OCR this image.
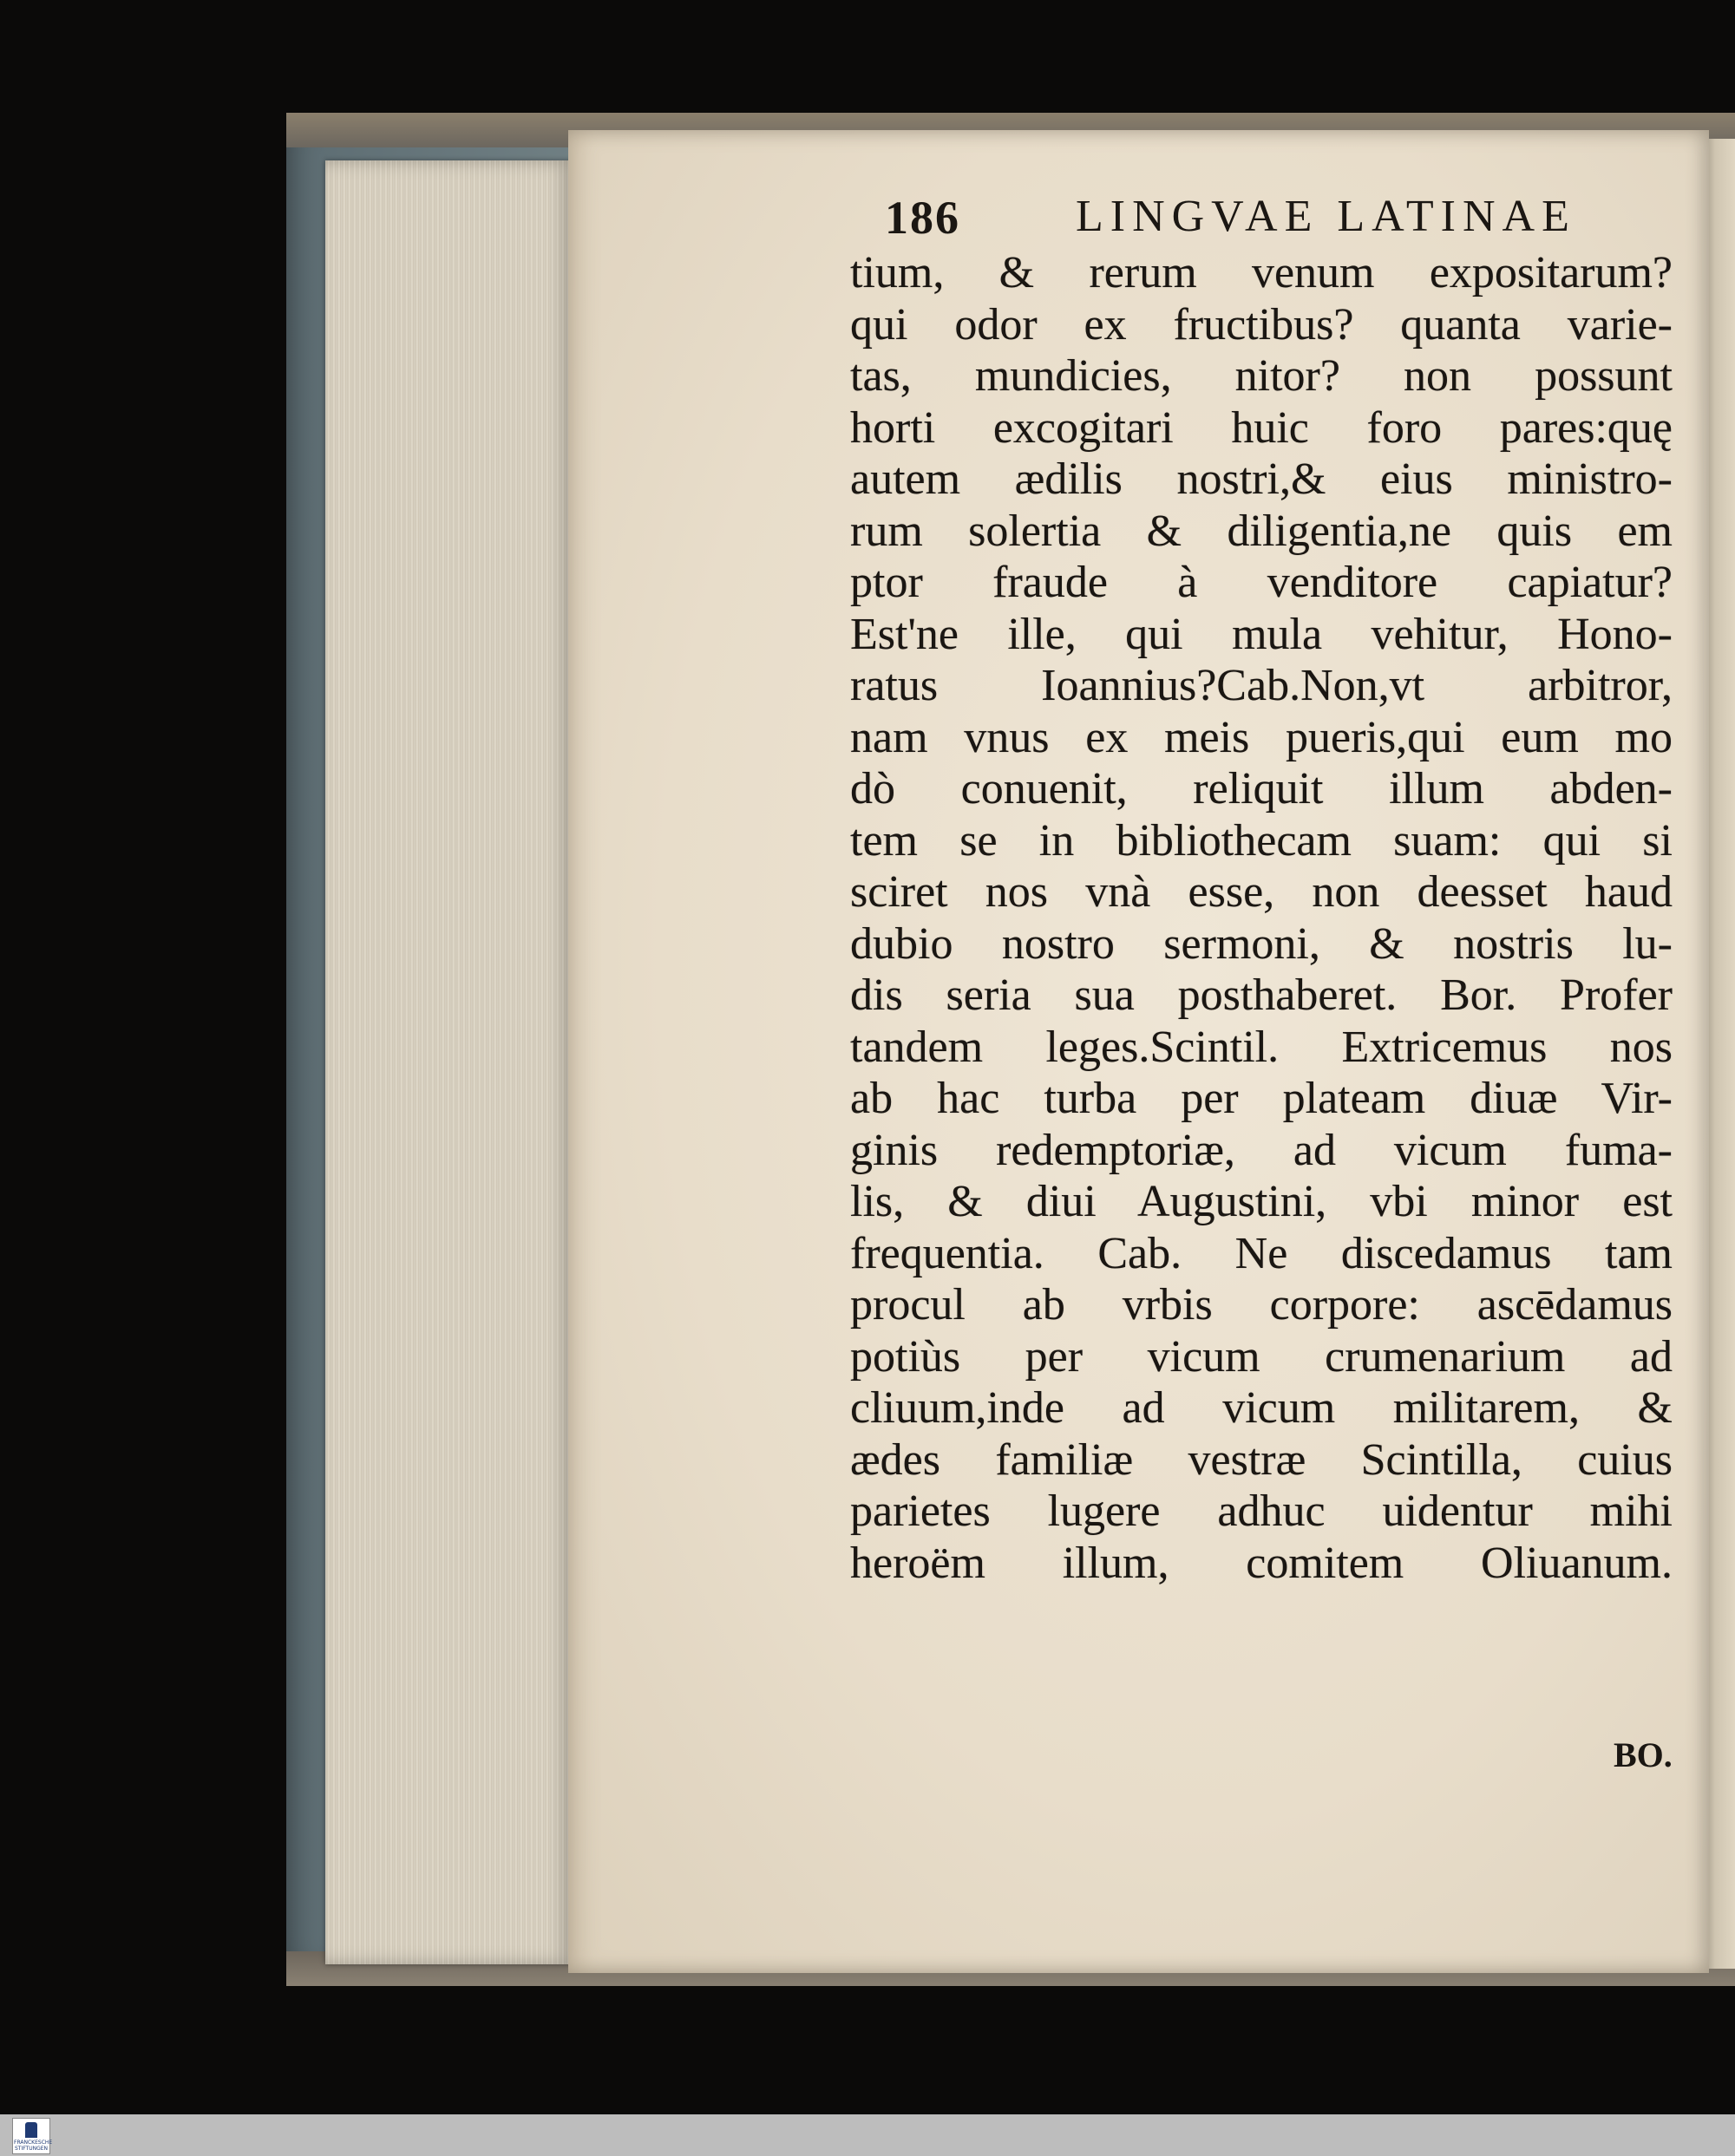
186	LINGVAE LATINAE
tium, & rerum venum expositarum?
qui odor ex fructibus? quanta varie-
tas, mundicies, nitor? non possunt
horti excogitari huic foro pares:quę
autem ædilis nostri,& eius ministro-
rum solertia & diligentia,ne quis em
ptor fraude à venditore capiatur?
Est'ne ille, qui mula vehitur, Hono-
ratus Ioannius?Cab.Non,vt arbitror,
nam vnus ex meis pueris,qui eum mo
dò conuenit, reliquit illum abden-
tem se in bibliothecam suam: qui si
sciret nos vnà esse, non deesset haud
dubio nostro sermoni, & nostris lu-
dis seria sua posthaberet. Bor. Profer
tandem leges.Scintil. Extricemus nos
ab hac turba per plateam diuæ Vir-
ginis redemptoriæ, ad vicum fuma-
lis, & diui Augustini, vbi minor est
frequentia. Cab. Ne discedamus tam
procul ab vrbis corpore: ascēdamus
potiùs per vicum crumenarium ad
cliuum,inde ad vicum militarem, &
ædes familiæ vestræ Scintilla, cuius
parietes lugere adhuc uidentur mihi
heroëm illum, comitem Oliuanum.
BO.
FRANCKESCHE STIFTUNGEN
